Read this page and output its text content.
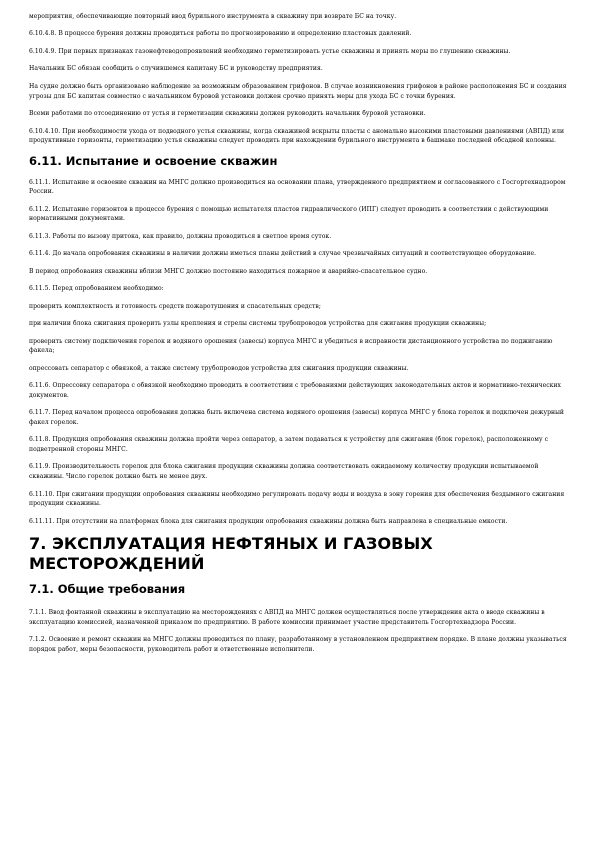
мероприятия, обеспечивающие повторный ввод бурильного инструмента в скважину при возврате БС на точку.

6.10.4.8. В процессе бурения должны проводиться работы по прогнозированию и определению пластовых давлений.

6.10.4.9. При первых признаках газонефтеводопроявлений необходимо герметизировать устье скважины и принять меры по глушению скважины.

Начальник БС обязан сообщить о случившемся капитану БС и руководству предприятия.

На судне должно быть организовано наблюдение за возможным образованием грифонов. В случае возникновения грифонов в районе расположения БС и создания угрозы для БС капитан совместно с начальником буровой установки должен срочно принять меры для ухода БС с точки бурения.

Всеми работами по отсоединению от устья и герметизации скважины должен руководить начальник буровой установки.

6.10.4.10. При необходимости ухода от подводного устья скважины, когда скважиной вскрыты пласты с аномально высокими пластовыми давлениями (АВПД) или продуктивные горизонты, герметизацию устья скважины следует проводить при нахождении бурильного инструмента в башмаке последней обсадной колонны.

6.11. Испытание и освоение скважин

6.11.1. Испытание и освоение скважин на МНГС должно производиться на основании плана, утвержденного предприятием и согласованного с Госгортехнадзором России.

6.11.2. Испытание горизонтов в процессе бурения с помощью испытателя пластов гидравлического (ИПГ) следует проводить в соответствии с действующими нормативными документами.

6.11.3. Работы по вызову притока, как правило, должны проводиться в светлое время суток.

6.11.4. До начала опробования скважины в наличии должны иметься планы действий в случае чрезвычайных ситуаций и соответствующее оборудование.

В период опробования скважины вблизи МНГС должно постоянно находиться пожарное и аварийно-спасательное судно.

6.11.5. Перед опробованием необходимо:

проверить комплектность и готовность средств пожаротушения и спасательных средств;

при наличии блока сжигания проверить узлы крепления и стрелы системы трубопроводов устройства для сжигания продукции скважины;

проверить систему подключения горелок и водяного орошения (завесы) корпуса МНГС и убедиться в исправности дистанционного устройства по поджиганию факела;

опрессовать сепаратор с обвязкой, а также систему трубопроводов устройства для сжигания продукции скважины.

6.11.6. Опрессовку сепаратора с обвязкой необходимо проводить в соответствии с требованиями действующих законодательных актов и нормативно-технических документов.

6.11.7. Перед началом процесса опробования должна быть включена система водяного орошения (завесы) корпуса МНГС у блока горелок и подключен дежурный факел горелок.

6.11.8. Продукция опробования скважины должна пройти через сепаратор, а затем подаваться к устройству для сжигания (блок горелок), расположенному с подветренной стороны МНГС.

6.11.9. Производительность горелок для блока сжигания продукции скважины должна соответствовать ожидаемому количеству продукции испытываемой скважины. Число горелок должно быть не менее двух.

6.11.10. При сжигании продукции опробования скважины необходимо регулировать подачу воды и воздуха в зону горения для обеспечения бездымного сжигания продукции скважины.

6.11.11. При отсутствии на платформах блока для сжигания продукции опробования скважины должна быть направлена в специальные емкости.

7. ЭКСПЛУАТАЦИЯ НЕФТЯНЫХ И ГАЗОВЫХ МЕСТОРОЖДЕНИЙ
7.1. Общие требования

7.1.1. Ввод фонтанной скважины в эксплуатацию на месторождениях с АВПД на МНГС должен осуществляться после утверждения акта о вводе скважины в эксплуатацию комиссией, назначенной приказом по предприятию. В работе комиссии принимает участие представитель Госгортехнадзора России.

7.1.2. Освоение и ремонт скважин на МНГС должны проводиться по плану, разработанному в установленном предприятием порядке. В плане должны указываться порядок работ, меры безопасности, руководитель работ и ответственные исполнители.
